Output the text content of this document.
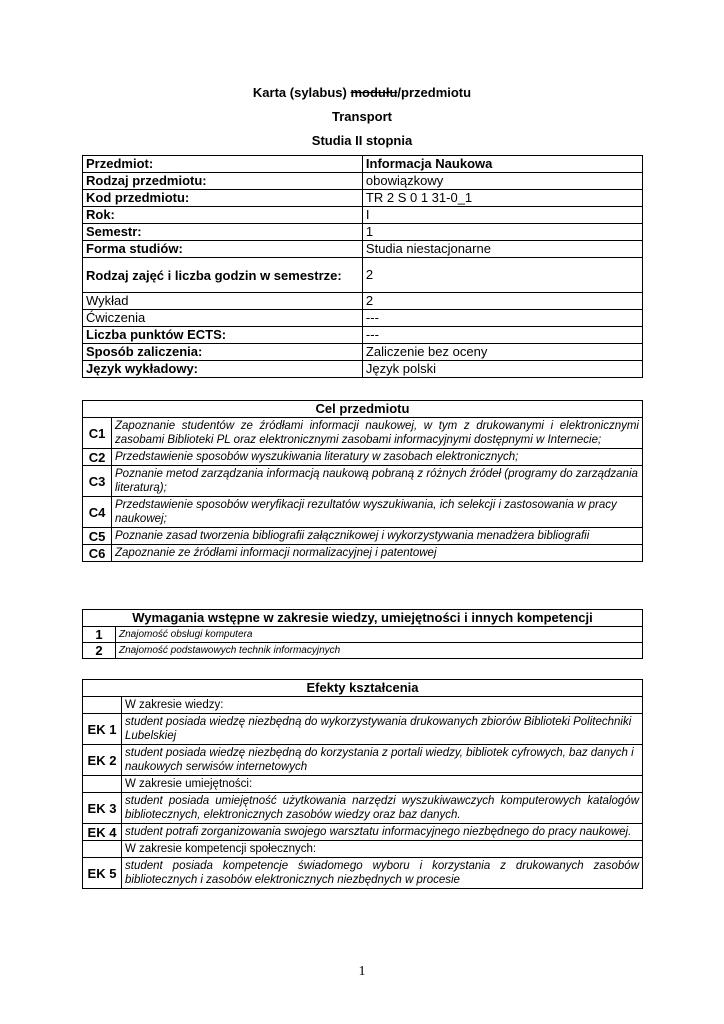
Karta (sylabus) modułu/przedmiotu
Transport
Studia II stopnia
Przedmiot:	Informacja Naukowa
Rodzaj przedmiotu:	obowiązkowy
Kod przedmiotu:	TR 2 S 0 1 31-0_1
Rok:	I
Semestr:	1
Forma studiów:	Studia niestacjonarne
Rodzaj zajęć i liczba godzin w semestrze:	2
Wykład	2
Ćwiczenia	---
Liczba punktów ECTS:	---
Sposób zaliczenia:	Zaliczenie bez oceny
Język wykładowy:	Język polski
Cel przedmiotu	
C1	Zapoznanie studentów ze źródłami informacji naukowej, w tym z drukowanymi i elektronicznymi zasobami Biblioteki PL oraz elektronicznymi zasobami informacyjnymi dostępnymi w Internecie;
C2	Przedstawienie sposobów wyszukiwania literatury w zasobach elektronicznych;
C3	Poznanie metod zarządzania informacją naukową pobraną z różnych źródeł (programy do zarządzania literaturą);
C4	Przedstawienie sposobów weryfikacji rezultatów wyszukiwania, ich selekcji i zastosowania w pracy naukowej;
C5	Poznanie zasad tworzenia bibliografii załącznikowej i wykorzystywania menadżera bibliografii
C6	Zapoznanie ze źródłami informacji normalizacyjnej i patentowej
Wymagania wstępne w zakresie wiedzy, umiejętności i innych kompetencji	
1	Znajomość obsługi komputera
2	Znajomość podstawowych technik informacyjnych
Efekty kształcenia	
	W zakresie wiedzy:
EK 1	student posiada wiedzę niezbędną do wykorzystywania drukowanych zbiorów Biblioteki Politechniki Lubelskiej
EK 2	student posiada wiedzę niezbędną do korzystania z portali wiedzy, bibliotek cyfrowych, baz danych i naukowych serwisów internetowych
	W zakresie umiejętności:
EK 3	student posiada umiejętność użytkowania narzędzi wyszukiwawczych komputerowych katalogów bibliotecznych, elektronicznych zasobów wiedzy oraz baz danych.
EK 4	student potrafi zorganizowania swojego warsztatu informacyjnego niezbędnego do pracy naukowej.
	W zakresie kompetencji społecznych:
EK 5	student posiada kompetencje świadomego wyboru i korzystania z drukowanych zasobów bibliotecznych i zasobów elektronicznych niezbędnych w procesie
1
